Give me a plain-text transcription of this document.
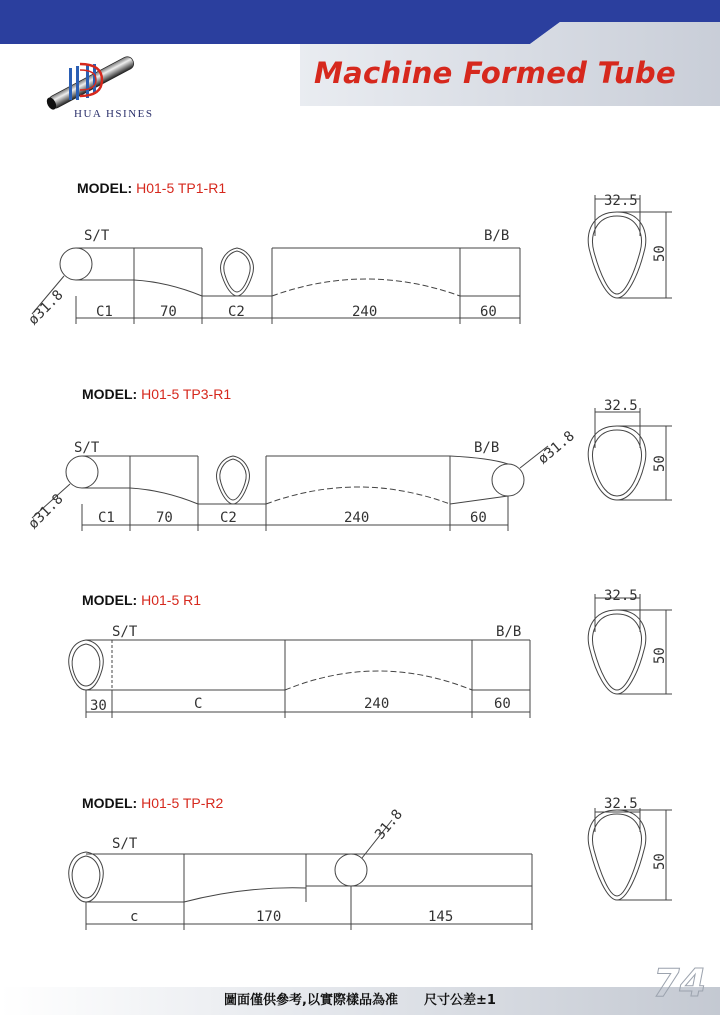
HUA HSINES
Machine Formed Tube
MODEL: H01-5 TP1-R1
MODEL: H01-5 TP3-R1
MODEL: H01-5 R1
MODEL: H01-5 TP-R2
S/T	B/B
ø31.8 C1	70	C2	240	60
32.5
50
S/T	B/B
ø31.8
ø31.8
C1	70	C2	240	60
32.5
50
S/T	B/B
30	C	240	60
32.5
50
S/T
31.8
c	170	145
32.5
50
圖面僅供參考,以實際樣品為准　　尺寸公差±1	74
